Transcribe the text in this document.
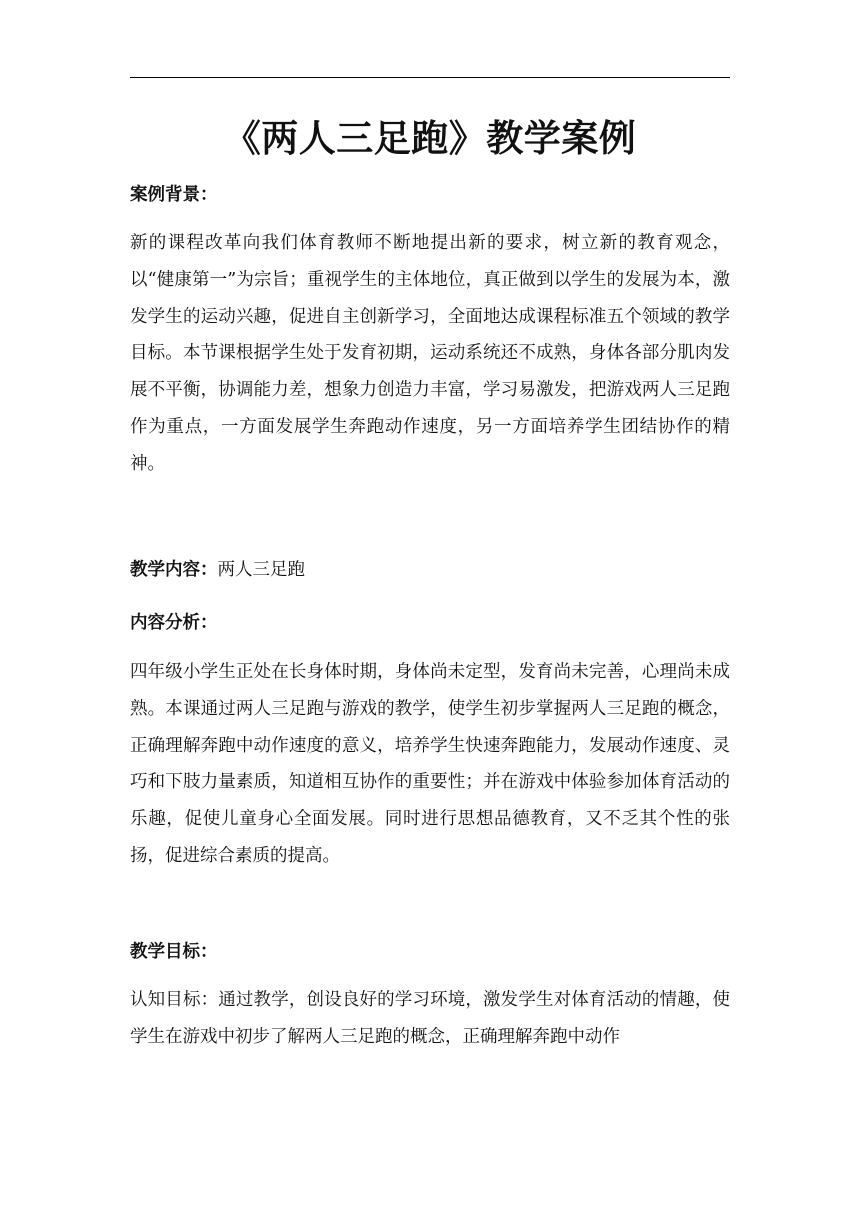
《两人三足跑》教学案例
案例背景：
新的课程改革向我们体育教师不断地提出新的要求，树立新的教育观念，以“健康第一”为宗旨；重视学生的主体地位，真正做到以学生的发展为本，激发学生的运动兴趣，促进自主创新学习，全面地达成课程标准五个领域的教学目标。本节课根据学生处于发育初期，运动系统还不成熟，身体各部分肌肉发展不平衡，协调能力差，想象力创造力丰富，学习易激发，把游戏两人三足跑作为重点，一方面发展学生奔跑动作速度，另一方面培养学生团结协作的精神。
教学内容：两人三足跑
内容分析：
四年级小学生正处在长身体时期，身体尚未定型，发育尚未完善，心理尚未成熟。本课通过两人三足跑与游戏的教学，使学生初步掌握两人三足跑的概念，正确理解奔跑中动作速度的意义，培养学生快速奔跑能力，发展动作速度、灵巧和下肢力量素质，知道相互协作的重要性；并在游戏中体验参加体育活动的乐趣，促使儿童身心全面发展。同时进行思想品德教育，又不乏其个性的张扬，促进综合素质的提高。
教学目标：
认知目标：通过教学，创设良好的学习环境，激发学生对体育活动的情趣，使学生在游戏中初步了解两人三足跑的概念，正确理解奔跑中动作
